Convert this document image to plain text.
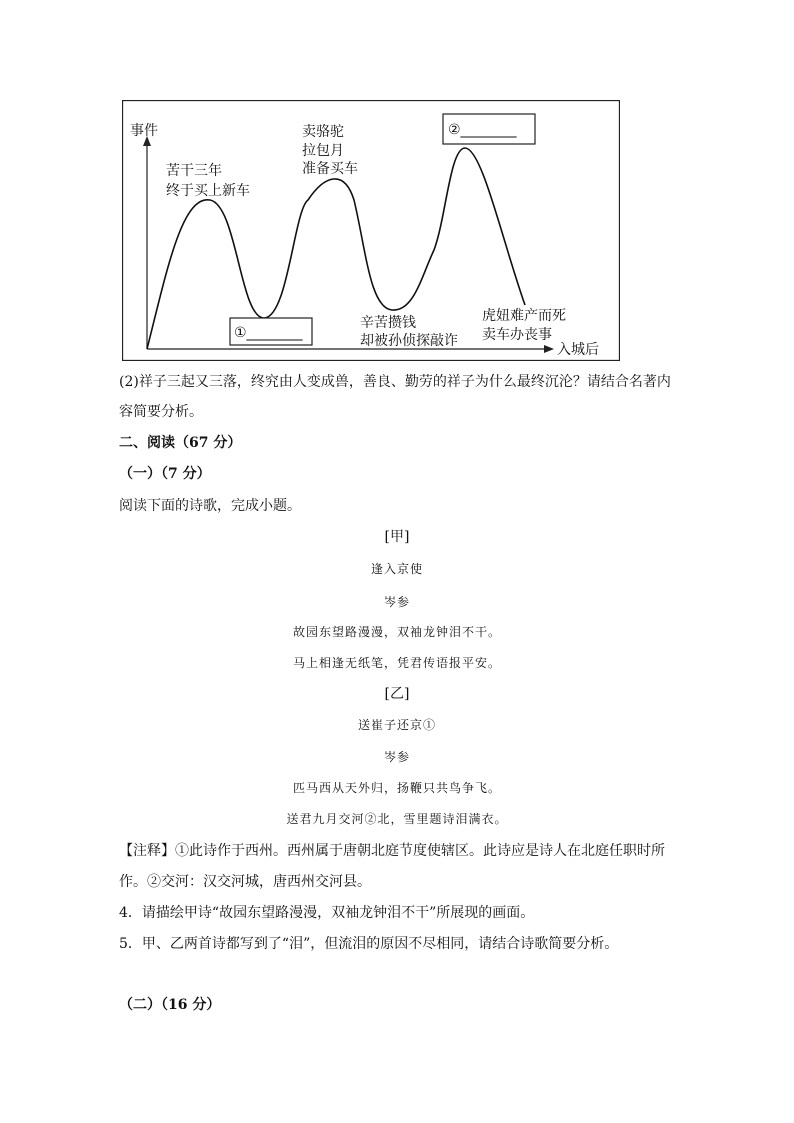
事件
入城后
苦干三年 终于买上新车
①________
卖骆驼 拉包月 准备买车
辛苦攒钱 却被孙侦探敲诈
②________
虎妞难产而死 卖车办丧事
(2)祥子三起又三落，终究由人变成兽，善良、勤劳的祥子为什么最终沉沦？请结合名著内
容简要分析。
二、阅读（67 分）
（一）（7 分）
阅读下面的诗歌，完成小题。
[甲]
逢入京使
岑参
故园东望路漫漫，双袖龙钟泪不干。
马上相逢无纸笔，凭君传语报平安。
[乙]
送崔子还京①
岑参
匹马西从天外归，扬鞭只共鸟争飞。
送君九月交河②北，雪里题诗泪满衣。
【注释】①此诗作于西州。西州属于唐朝北庭节度使辖区。此诗应是诗人在北庭任职时所
作。②交河：汉交河城，唐西州交河县。
4．请描绘甲诗“故园东望路漫漫，双袖龙钟泪不干”所展现的画面。
5．甲、乙两首诗都写到了“泪”，但流泪的原因不尽相同，请结合诗歌简要分析。
（二）（16 分）
